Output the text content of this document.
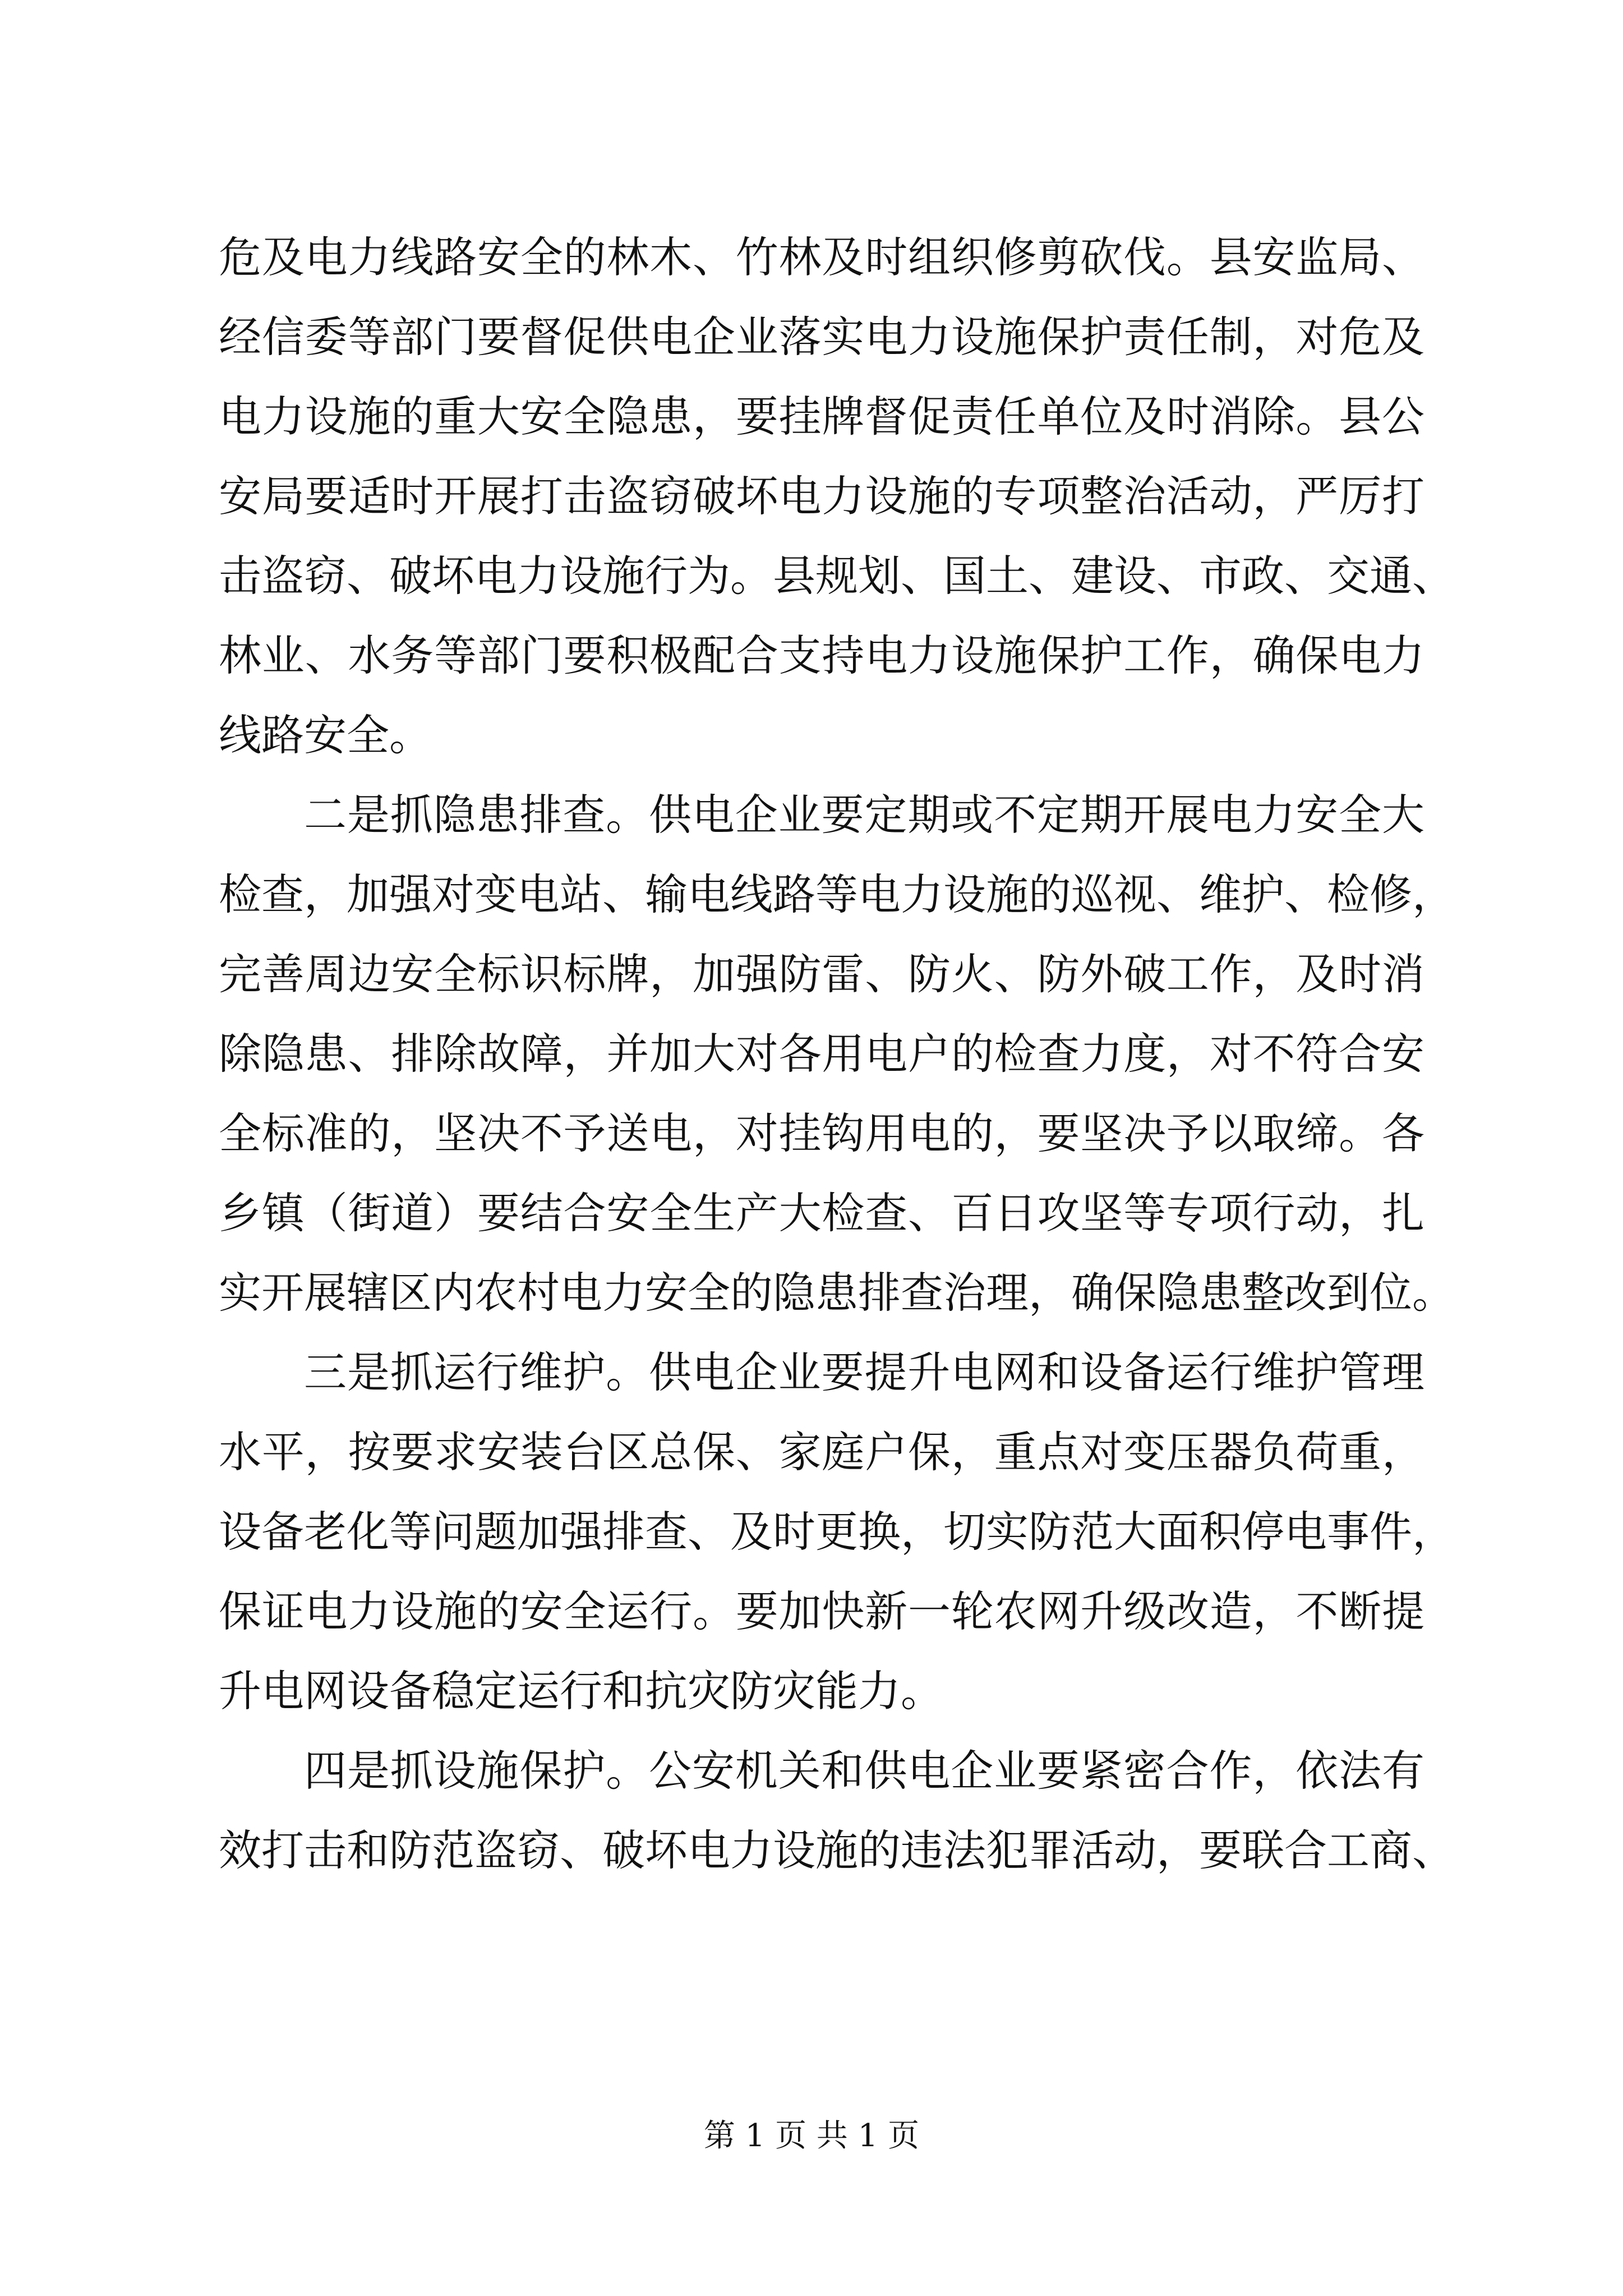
危及电力线路安全的林木、竹林及时组织修剪砍伐。县安监局、
经信委等部门要督促供电企业落实电力设施保护责任制，对危及
电力设施的重大安全隐患，要挂牌督促责任单位及时消除。县公
安局要适时开展打击盗窃破坏电力设施的专项整治活动，严厉打
击盗窃、破坏电力设施行为。县规划、国土、建设、市政、交通、
林业、水务等部门要积极配合支持电力设施保护工作，确保电力
线路安全。
二是抓隐患排查。供电企业要定期或不定期开展电力安全大
检查，加强对变电站、输电线路等电力设施的巡视、维护、检修，
完善周边安全标识标牌，加强防雷、防火、防外破工作，及时消
除隐患、排除故障，并加大对各用电户的检查力度，对不符合安
全标准的，坚决不予送电，对挂钩用电的，要坚决予以取缔。各
乡镇（街道）要结合安全生产大检查、百日攻坚等专项行动，扎
实开展辖区内农村电力安全的隐患排查治理，确保隐患整改到位。
三是抓运行维护。供电企业要提升电网和设备运行维护管理
水平，按要求安装台区总保、家庭户保，重点对变压器负荷重，
设备老化等问题加强排查、及时更换，切实防范大面积停电事件，
保证电力设施的安全运行。要加快新一轮农网升级改造，不断提
升电网设备稳定运行和抗灾防灾能力。
四是抓设施保护。公安机关和供电企业要紧密合作，依法有
效打击和防范盗窃、破坏电力设施的违法犯罪活动，要联合工商、
第 1 页 共 1 页
